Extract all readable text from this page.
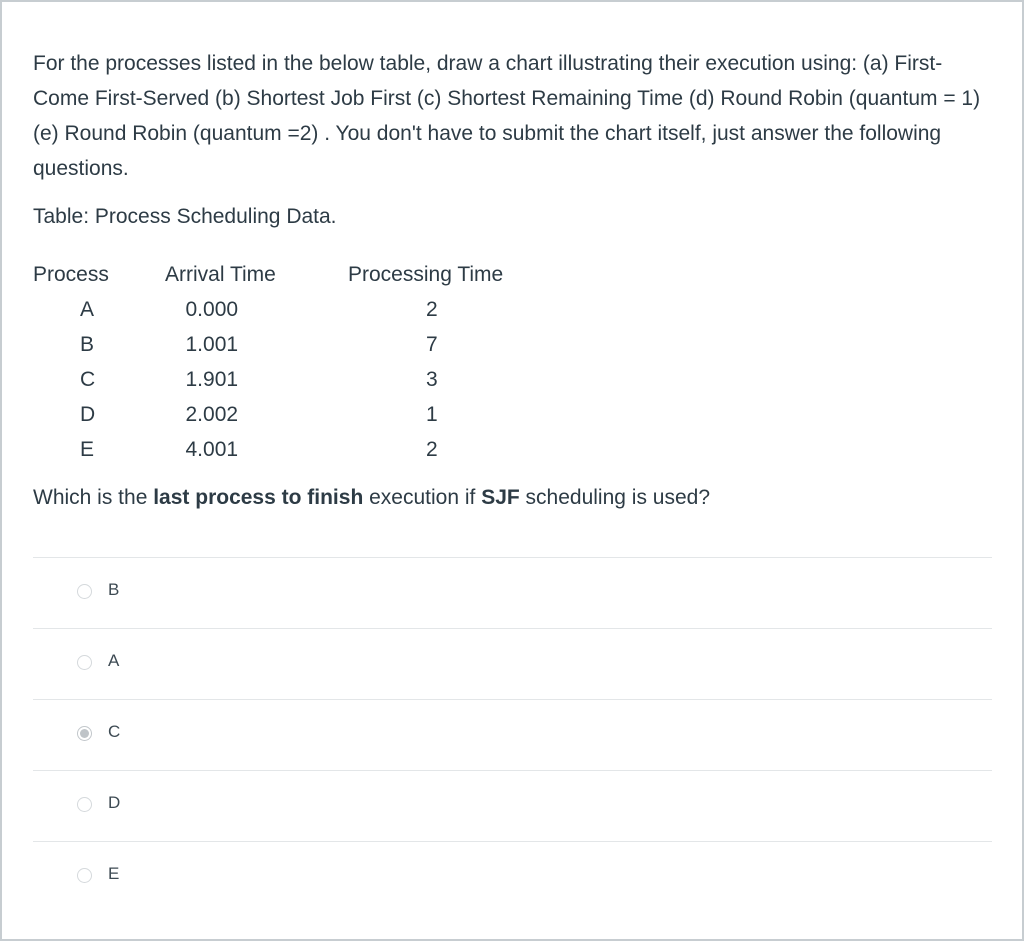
For the processes listed in the below table, draw a chart illustrating their execution using: (a) First-Come First-Served (b) Shortest Job First (c) Shortest Remaining Time (d) Round Robin (quantum = 1) (e) Round Robin (quantum =2) . You don't have to submit the chart itself, just answer the following questions.

Table: Process Scheduling Data.

Process	Arrival Time	Processing Time
A	0.000	2
B	1.001	7
C	1.901	3
D	2.002	1
E	4.001	2

Which is the last process to finish execution if SJF scheduling is used?

B
A
C
D
E
